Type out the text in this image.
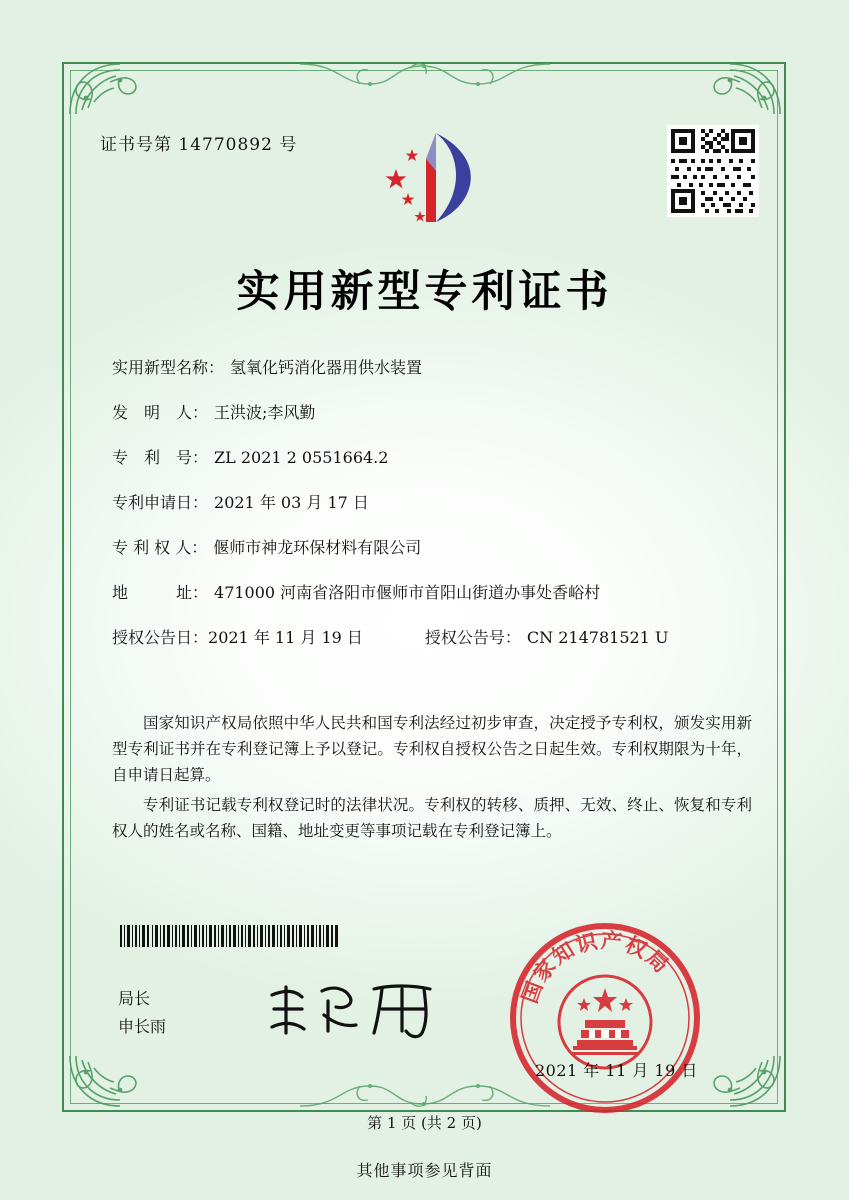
证书号第 14770892 号
实用新型专利证书
实用新型名称： 氢氧化钙消化器用供水装置
发　明　人： 王洪波;李风勤
专　利　号： ZL 2021 2 0551664.2
专利申请日： 2021 年 03 月 17 日
专 利 权 人： 偃师市神龙环保材料有限公司
地　　　址： 471000 河南省洛阳市偃师市首阳山街道办事处香峪村
授权公告日： 2021 年 11 月 19 日	授权公告号： CN 214781521 U

国家知识产权局依照中华人民共和国专利法经过初步审查，决定授予专利权，颁发实用新型专利证书并在专利登记簿上予以登记。专利权自授权公告之日起生效。专利权期限为十年，自申请日起算。

专利证书记载专利权登记时的法律状况。专利权的转移、质押、无效、终止、恢复和专利权人的姓名或名称、国籍、地址变更等事项记载在专利登记簿上。

局长
申长雨
国家知识产权局
2021 年 11 月 19 日
第 1 页 (共 2 页)
其他事项参见背面
